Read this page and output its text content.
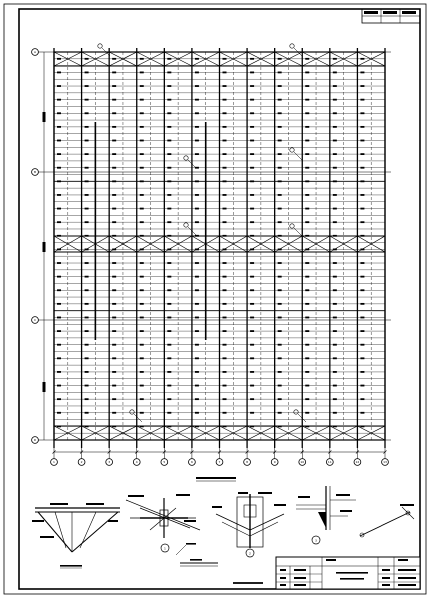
A
B
C
D
1	2	3	4	5	6	7	8	9	10	11	12	13
1
2
3
